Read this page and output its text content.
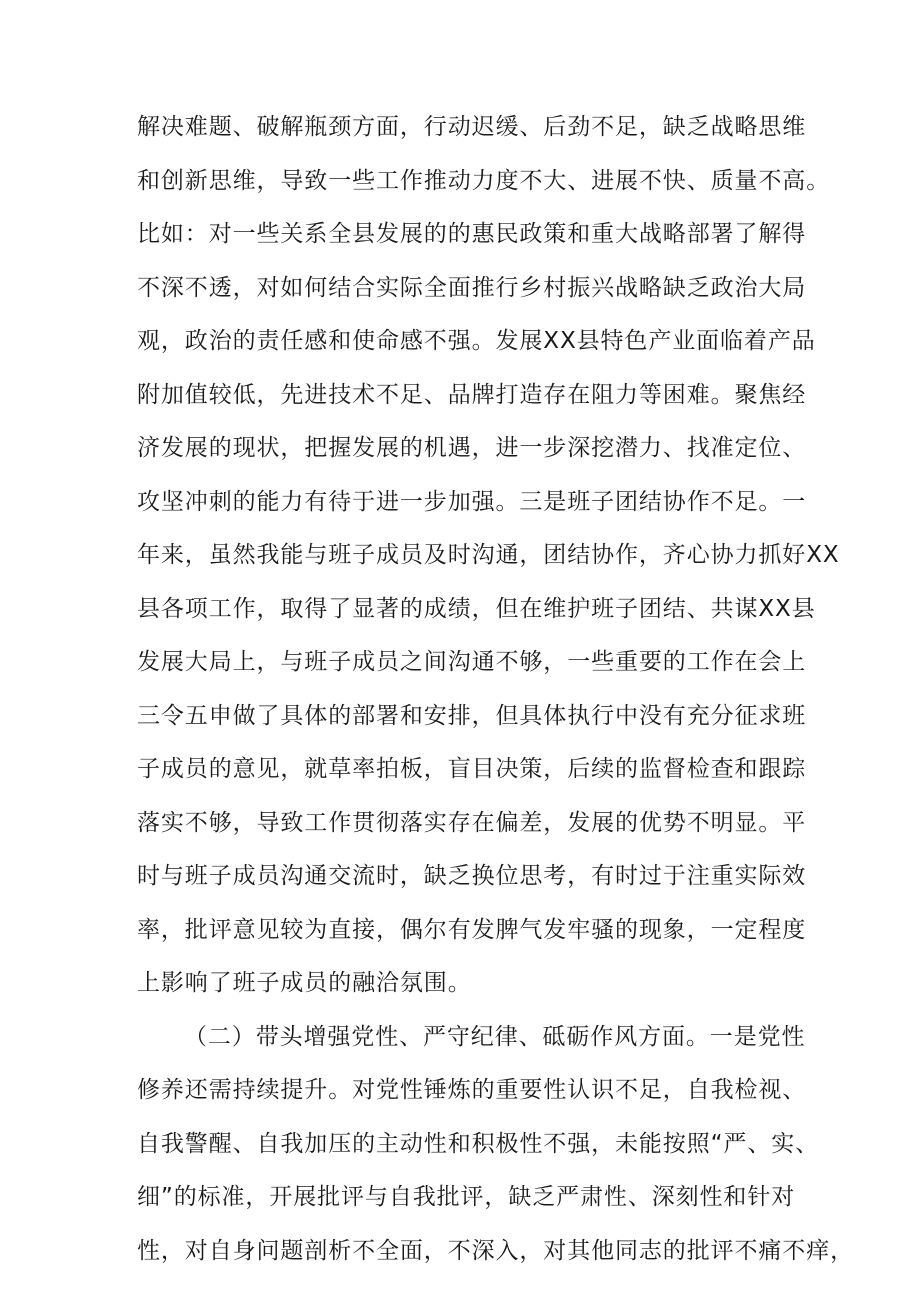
解决难题、破解瓶颈方面，行动迟缓、后劲不足，缺乏战略思维
和创新思维，导致一些工作推动力度不大、进展不快、质量不高。
比如：对一些关系全县发展的的惠民政策和重大战略部署了解得
不深不透，对如何结合实际全面推行乡村振兴战略缺乏政治大局
观，政治的责任感和使命感不强。发展XX县特色产业面临着产品
附加值较低，先进技术不足、品牌打造存在阻力等困难。聚焦经
济发展的现状，把握发展的机遇，进一步深挖潜力、找准定位、
攻坚冲刺的能力有待于进一步加强。三是班子团结协作不足。一
年来，虽然我能与班子成员及时沟通，团结协作，齐心协力抓好XX
县各项工作，取得了显著的成绩，但在维护班子团结、共谋XX县
发展大局上，与班子成员之间沟通不够，一些重要的工作在会上
三令五申做了具体的部署和安排，但具体执行中没有充分征求班
子成员的意见，就草率拍板，盲目决策，后续的监督检查和跟踪
落实不够，导致工作贯彻落实存在偏差，发展的优势不明显。平
时与班子成员沟通交流时，缺乏换位思考，有时过于注重实际效
率，批评意见较为直接，偶尔有发脾气发牢骚的现象，一定程度
上影响了班子成员的融洽氛围。
（二）带头增强党性、严守纪律、砥砺作风方面。一是党性
修养还需持续提升。对党性锤炼的重要性认识不足，自我检视、
自我警醒、自我加压的主动性和积极性不强，未能按照“严、实、
细”的标准，开展批评与自我批评，缺乏严肃性、深刻性和针对
性，对自身问题剖析不全面，不深入，对其他同志的批评不痛不痒，
